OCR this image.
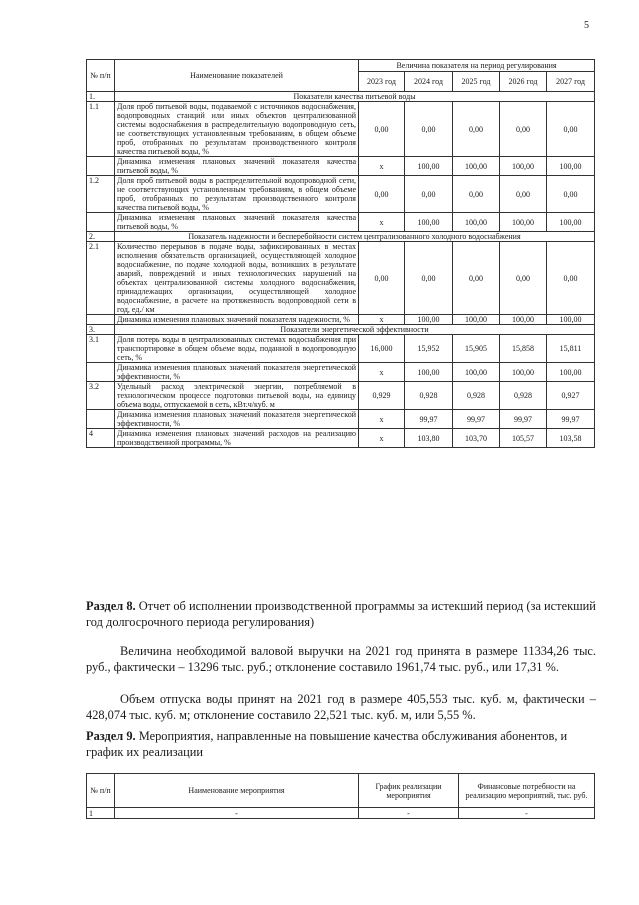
5
№ п/п	Наименование показателей	Величина показателя на период регулирования				
		2023 год	2024 год	2025 год	2026 год	2027 год
1.	Показатели качества питьевой воды					
1.1	Доля проб питьевой воды, подаваемой с источников водоснабжения, водопроводных станций или иных объектов централизованной системы водоснабжения в распределительную водопроводную сеть, не соответствующих установленным требованиям, в общем объеме проб, отобранных по результатам производственного контроля качества питьевой воды, %	0,00	0,00	0,00	0,00	0,00
	Динамика изменения плановых значений показателя качества питьевой воды, %	х	100,00	100,00	100,00	100,00
1.2	Доля проб питьевой воды в распределительной водопроводной сети, не соответствующих установленным требованиям, в общем объеме проб, отобранных по результатам производственного контроля качества питьевой воды, %	0,00	0,00	0,00	0,00	0,00
	Динамика изменения плановых значений показателя качества питьевой воды, %	х	100,00	100,00	100,00	100,00
2.	Показатель надежности и бесперебойности систем централизованного холодного водоснабжения					
2.1	Количество перерывов в подаче воды, зафиксированных в местах исполнения обязательств организацией, осуществляющей холодное водоснабжение, по подаче холодной воды, возникших в результате аварий, повреждений и иных технологических нарушений на объектах централизованной системы холодного водоснабжения, принадлежащих организации, осуществляющей холодное водоснабжение, в расчете на протяженность водопроводной сети в год, ед./ км	0,00	0,00	0,00	0,00	0,00
	Динамика изменения плановых значений показателя надежности, %	х	100,00	100,00	100,00	100,00
3.	Показатели энергетической эффективности					
3.1	Доля потерь воды в централизованных системах водоснабжения при транспортировке в общем объеме воды, поданной в водопроводную сеть, %	16,000	15,952	15,905	15,858	15,811
	Динамика изменения плановых значений показателя энергетической эффективности, %	х	100,00	100,00	100,00	100,00
3.2	Удельный расход электрической энергии, потребляемой в технологическом процессе подготовки питьевой воды, на единицу объема воды, отпускаемой в сеть, кВт.ч/куб. м	0,929	0,928	0,928	0,928	0,927
	Динамика изменения плановых значений показателя энергетической эффективности, %	х	99,97	99,97	99,97	99,97
4	Динамика изменения плановых значений расходов на реализацию производственной программы, %	х	103,80	103,70	105,57	103,58
Раздел 8. Отчет об исполнении производственной программы за истекший период (за истекший год долгосрочного периода регулирования)
Величина необходимой валовой выручки на 2021 год принята в размере 11334,26 тыс. руб., фактически – 13296 тыс. руб.; отклонение составило 1961,74 тыс. руб., или 17,31 %.
Объем отпуска воды принят на 2021 год в размере 405,553 тыс. куб. м, фактически – 428,074 тыс. куб. м; отклонение составило 22,521 тыс. куб. м, или 5,55 %.
Раздел 9. Мероприятия, направленные на повышение качества обслуживания абонентов, и график их реализации
№ п/п	Наименование мероприятия	График реализации мероприятия	Финансовые потребности на реализацию мероприятий, тыс. руб.
1	-	-	-
